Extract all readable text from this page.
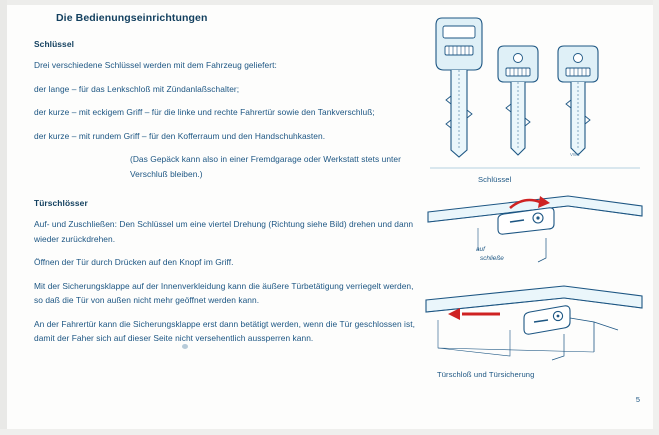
Die Bedienungseinrichtungen
Schlüssel

Drei verschiedene Schlüssel werden mit dem Fahrzeug geliefert:

der lange – für das Lenkschloß mit Zündanlaßschalter;

der kurze – mit eckigem Griff – für die linke und rechte Fahrertür sowie den Tankverschluß;

der kurze – mit rundem Griff – für den Kofferraum und den Handschuhkasten.

(Das Gepäck kann also in einer Fremdgarage oder Werkstatt stets unter Verschluß bleiben.)

Türschlösser

Auf- und Zuschließen: Den Schlüssel um eine viertel Drehung (Richtung siehe Bild) drehen und dann wieder zurückdrehen.

Öffnen der Tür durch Drücken auf den Knopf im Griff.

Mit der Sicherungsklappe auf der Innenverkleidung kann die äußere Türbetätigung verriegelt werden, so daß die Tür von außen nicht mehr geöffnet werden kann.

An der Fahrertür kann die Sicherungsklappe erst dann betätigt werden, wenn die Tür geschlossen ist, damit der Faher sich auf dieser Seite nicht versehentlich aussperren kann.

VW1
Schlüssel
auf
schließe
Türschloß und Türsicherung
5
